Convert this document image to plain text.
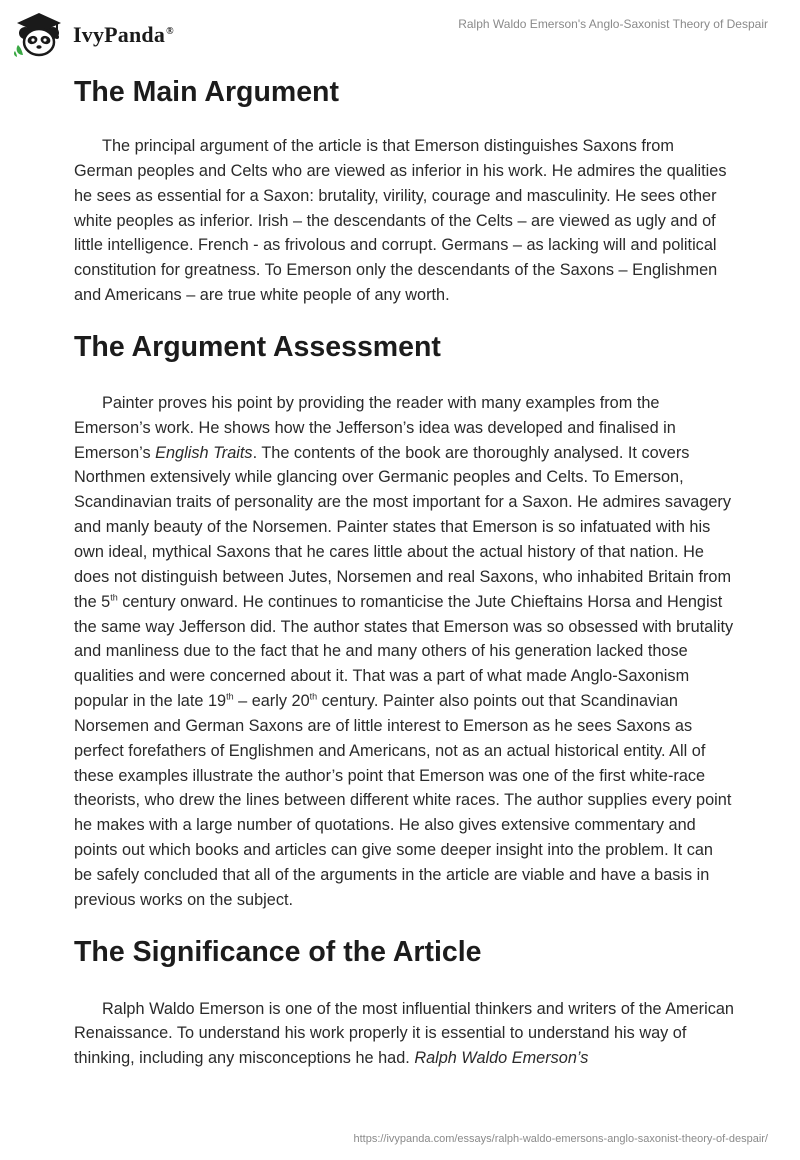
IvyPanda®
Ralph Waldo Emerson's Anglo-Saxonist Theory of Despair
The Main Argument

The principal argument of the article is that Emerson distinguishes Saxons from German peoples and Celts who are viewed as inferior in his work. He admires the qualities he sees as essential for a Saxon: brutality, virility, courage and masculinity. He sees other white peoples as inferior. Irish – the descendants of the Celts – are viewed as ugly and of little intelligence. French - as frivolous and corrupt. Germans – as lacking will and political constitution for greatness. To Emerson only the descendants of the Saxons – Englishmen and Americans – are true white people of any worth.

The Argument Assessment

Painter proves his point by providing the reader with many examples from the Emerson’s work. He shows how the Jefferson’s idea was developed and finalised in Emerson’s English Traits. The contents of the book are thoroughly analysed. It covers Northmen extensively while glancing over Germanic peoples and Celts. To Emerson, Scandinavian traits of personality are the most important for a Saxon. He admires savagery and manly beauty of the Norsemen. Painter states that Emerson is so infatuated with his own ideal, mythical Saxons that he cares little about the actual history of that nation. He does not distinguish between Jutes, Norsemen and real Saxons, who inhabited Britain from the 5th century onward. He continues to romanticise the Jute Chieftains Horsa and Hengist the same way Jefferson did. The author states that Emerson was so obsessed with brutality and manliness due to the fact that he and many others of his generation lacked those qualities and were concerned about it. That was a part of what made Anglo-Saxonism popular in the late 19th – early 20th century. Painter also points out that Scandinavian Norsemen and German Saxons are of little interest to Emerson as he sees Saxons as perfect forefathers of Englishmen and Americans, not as an actual historical entity. All of these examples illustrate the author’s point that Emerson was one of the first white-race theorists, who drew the lines between different white races. The author supplies every point he makes with a large number of quotations. He also gives extensive commentary and points out which books and articles can give some deeper insight into the problem. It can be safely concluded that all of the arguments in the article are viable and have a basis in previous works on the subject.

The Significance of the Article

Ralph Waldo Emerson is one of the most influential thinkers and writers of the American Renaissance. To understand his work properly it is essential to understand his way of thinking, including any misconceptions he had. Ralph Waldo Emerson’s

https://ivypanda.com/essays/ralph-waldo-emersons-anglo-saxonist-theory-of-despair/
